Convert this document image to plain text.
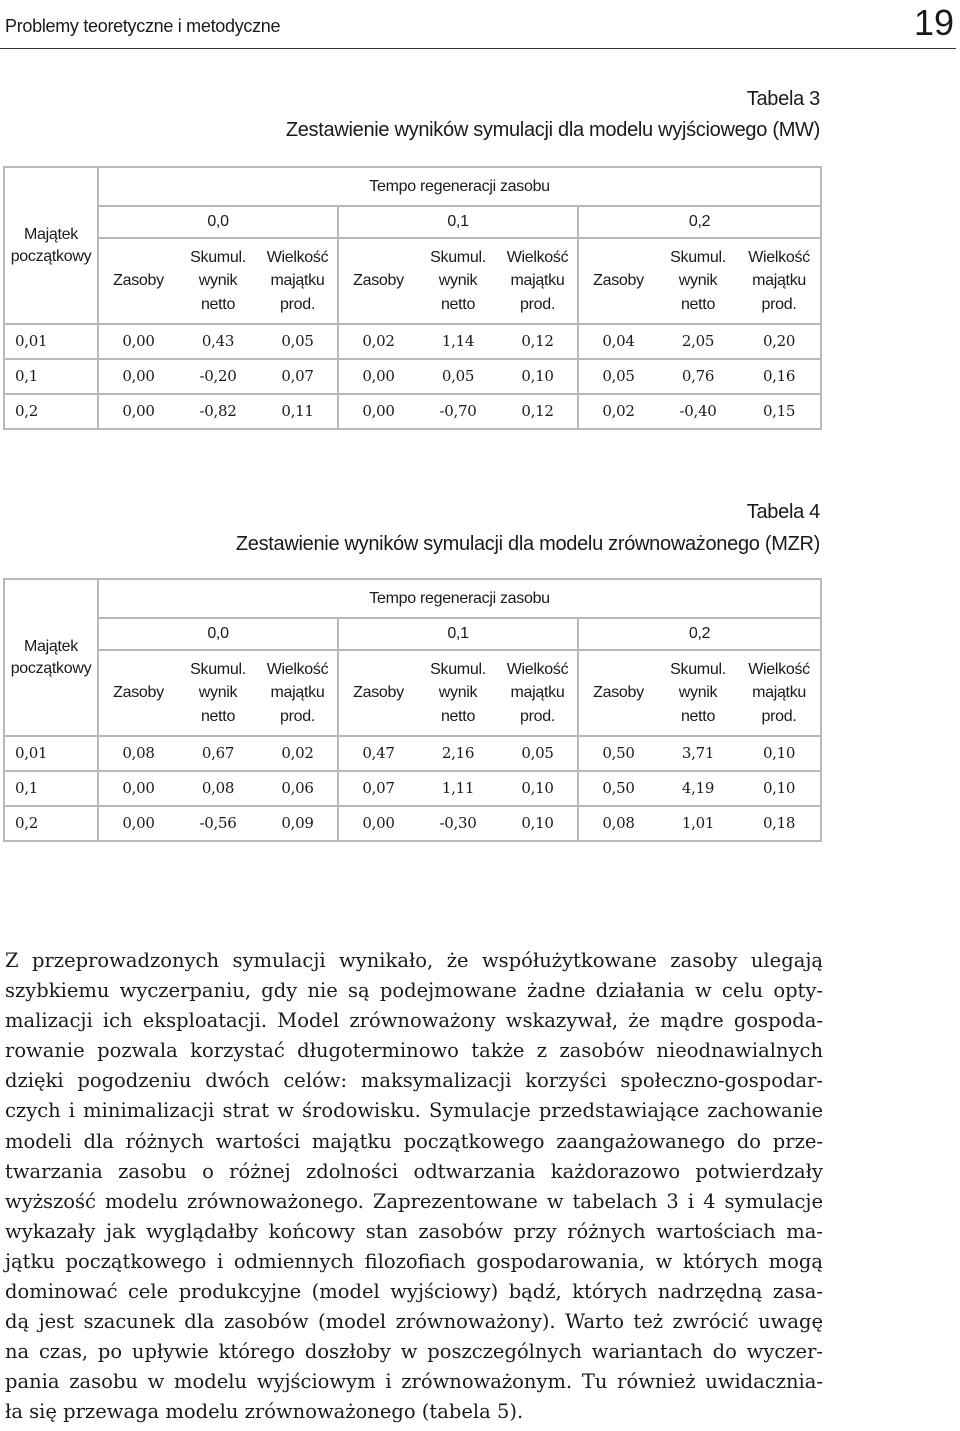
Problemy teoretyczne i metodyczne	19
Tabela 3
Zestawienie wyników symulacji dla modelu wyjściowego (MW)
Majątek
początkowy	Tempo regeneracji zasobu								
	0,0			0,1			0,2		
	Zasoby	Skumul.
wynik
netto	Wielkość
majątku
prod.	Zasoby	Skumul.
wynik
netto	Wielkość
majątku
prod.	Zasoby	Skumul.
wynik
netto	Wielkość
majątku
prod.
0,01	0,00	0,43	0,05	0,02	1,14	0,12	0,04	2,05	0,20
0,1	0,00	-0,20	0,07	0,00	0,05	0,10	0,05	0,76	0,16
0,2	0,00	-0,82	0,11	0,00	-0,70	0,12	0,02	-0,40	0,15
Tabela 4
Zestawienie wyników symulacji dla modelu zrównoważonego (MZR)
Majątek
początkowy	Tempo regeneracji zasobu								
	0,0			0,1			0,2		
	Zasoby	Skumul.
wynik
netto	Wielkość
majątku
prod.	Zasoby	Skumul.
wynik
netto	Wielkość
majątku
prod.	Zasoby	Skumul.
wynik
netto	Wielkość
majątku
prod.
0,01	0,08	0,67	0,02	0,47	2,16	0,05	0,50	3,71	0,10
0,1	0,00	0,08	0,06	0,07	1,11	0,10	0,50	4,19	0,10
0,2	0,00	-0,56	0,09	0,00	-0,30	0,10	0,08	1,01	0,18
Z przeprowadzonych symulacji wynikało, że współużytkowane zasoby ulegają
szybkiemu wyczerpaniu, gdy nie są podejmowane żadne działania w celu opty-
malizacji ich eksploatacji. Model zrównoważony wskazywał, że mądre gospoda-
rowanie pozwala korzystać długoterminowo także z zasobów nieodnawialnych
dzięki pogodzeniu dwóch celów: maksymalizacji korzyści społeczno-gospodar-
czych i minimalizacji strat w środowisku. Symulacje przedstawiające zachowanie
modeli dla różnych wartości majątku początkowego zaangażowanego do prze-
twarzania zasobu o różnej zdolności odtwarzania każdorazowo potwierdzały
wyższość modelu zrównoważonego. Zaprezentowane w tabelach 3 i 4 symulacje
wykazały jak wyglądałby końcowy stan zasobów przy różnych wartościach ma-
jątku początkowego i odmiennych filozofiach gospodarowania, w których mogą
dominować cele produkcyjne (model wyjściowy) bądź, których nadrzędną zasa-
dą jest szacunek dla zasobów (model zrównoważony). Warto też zwrócić uwagę
na czas, po upływie którego doszłoby w poszczególnych wariantach do wyczer-
pania zasobu w modelu wyjściowym i zrównoważonym. Tu również uwidacznia-
ła się przewaga modelu zrównoważonego (tabela 5).
